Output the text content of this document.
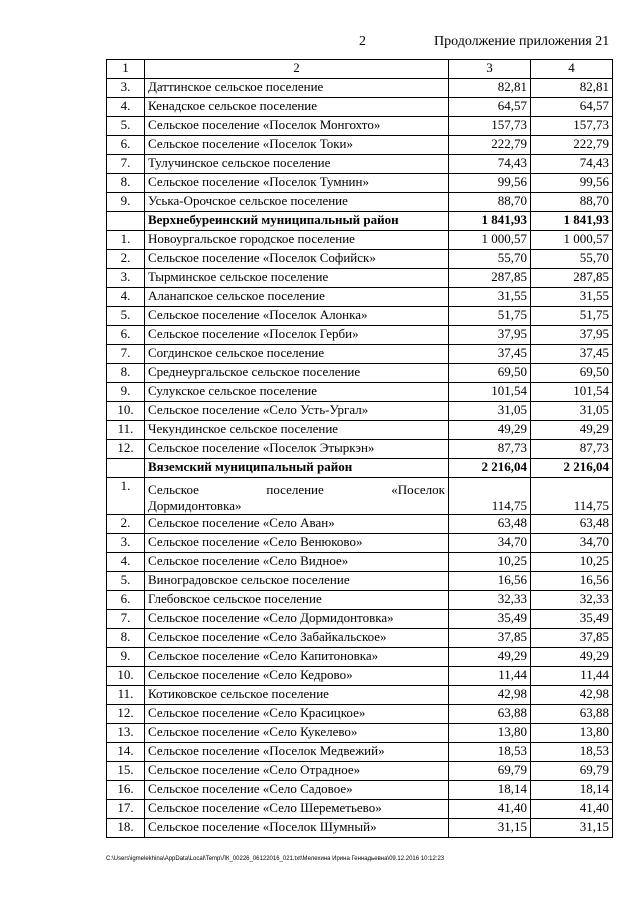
2	Продолжение приложения 21
1	2	3	4
3.	Даттинское сельское поселение	82,81	82,81
4.	Кенадское сельское поселение	64,57	64,57
5.	Сельское поселение «Поселок Монгохто»	157,73	157,73
6.	Сельское поселение «Поселок Токи»	222,79	222,79
7.	Тулучинское сельское поселение	74,43	74,43
8.	Сельское поселение «Поселок Тумнин»	99,56	99,56
9.	Уська-Орочское сельское поселение	88,70	88,70
	Верхнебуреинский муниципальный район	1 841,93	1 841,93
1.	Новоургальское городское поселение	1 000,57	1 000,57
2.	Сельское поселение «Поселок Софийск»	55,70	55,70
3.	Тырминское сельское поселение	287,85	287,85
4.	Аланапское сельское поселение	31,55	31,55
5.	Сельское поселение «Поселок Алонка»	51,75	51,75
6.	Сельское поселение «Поселок Герби»	37,95	37,95
7.	Согдинское сельское поселение	37,45	37,45
8.	Среднеургальское сельское поселение	69,50	69,50
9.	Сулукское сельское поселение	101,54	101,54
10.	Сельское поселение «Село Усть-Ургал»	31,05	31,05
11.	Чекундинское сельское поселение	49,29	49,29
12.	Сельское поселение «Поселок Этыркэн»	87,73	87,73
	Вяземский муниципальный район	2 216,04	2 216,04
1.	Сельское поселение «Поселок
Дормидонтовка»	114,75	114,75
2.	Сельское поселение «Село Аван»	63,48	63,48
3.	Сельское поселение «Село Венюково»	34,70	34,70
4.	Сельское поселение «Село Видное»	10,25	10,25
5.	Виноградовское сельское поселение	16,56	16,56
6.	Глебовское сельское поселение	32,33	32,33
7.	Сельское поселение «Село Дормидонтовка»	35,49	35,49
8.	Сельское поселение «Село Забайкальское»	37,85	37,85
9.	Сельское поселение «Село Капитоновка»	49,29	49,29
10.	Сельское поселение «Село Кедрово»	11,44	11,44
11.	Котиковское сельское поселение	42,98	42,98
12.	Сельское поселение «Село Красицкое»	63,88	63,88
13.	Сельское поселение «Село Кукелево»	13,80	13,80
14.	Сельское поселение «Поселок Медвежий»	18,53	18,53
15.	Сельское поселение «Село Отрадное»	69,79	69,79
16.	Сельское поселение «Село Садовое»	18,14	18,14
17.	Сельское поселение «Село Шереметьево»	41,40	41,40
18.	Сельское поселение «Поселок Шумный»	31,15	31,15
C:\Users\igmelekhina\AppData\Local\Temp\ЛК_00226_06122016_021.txt\Мелехина Ирина Геннадьевна\09.12.2016 10:12:23
